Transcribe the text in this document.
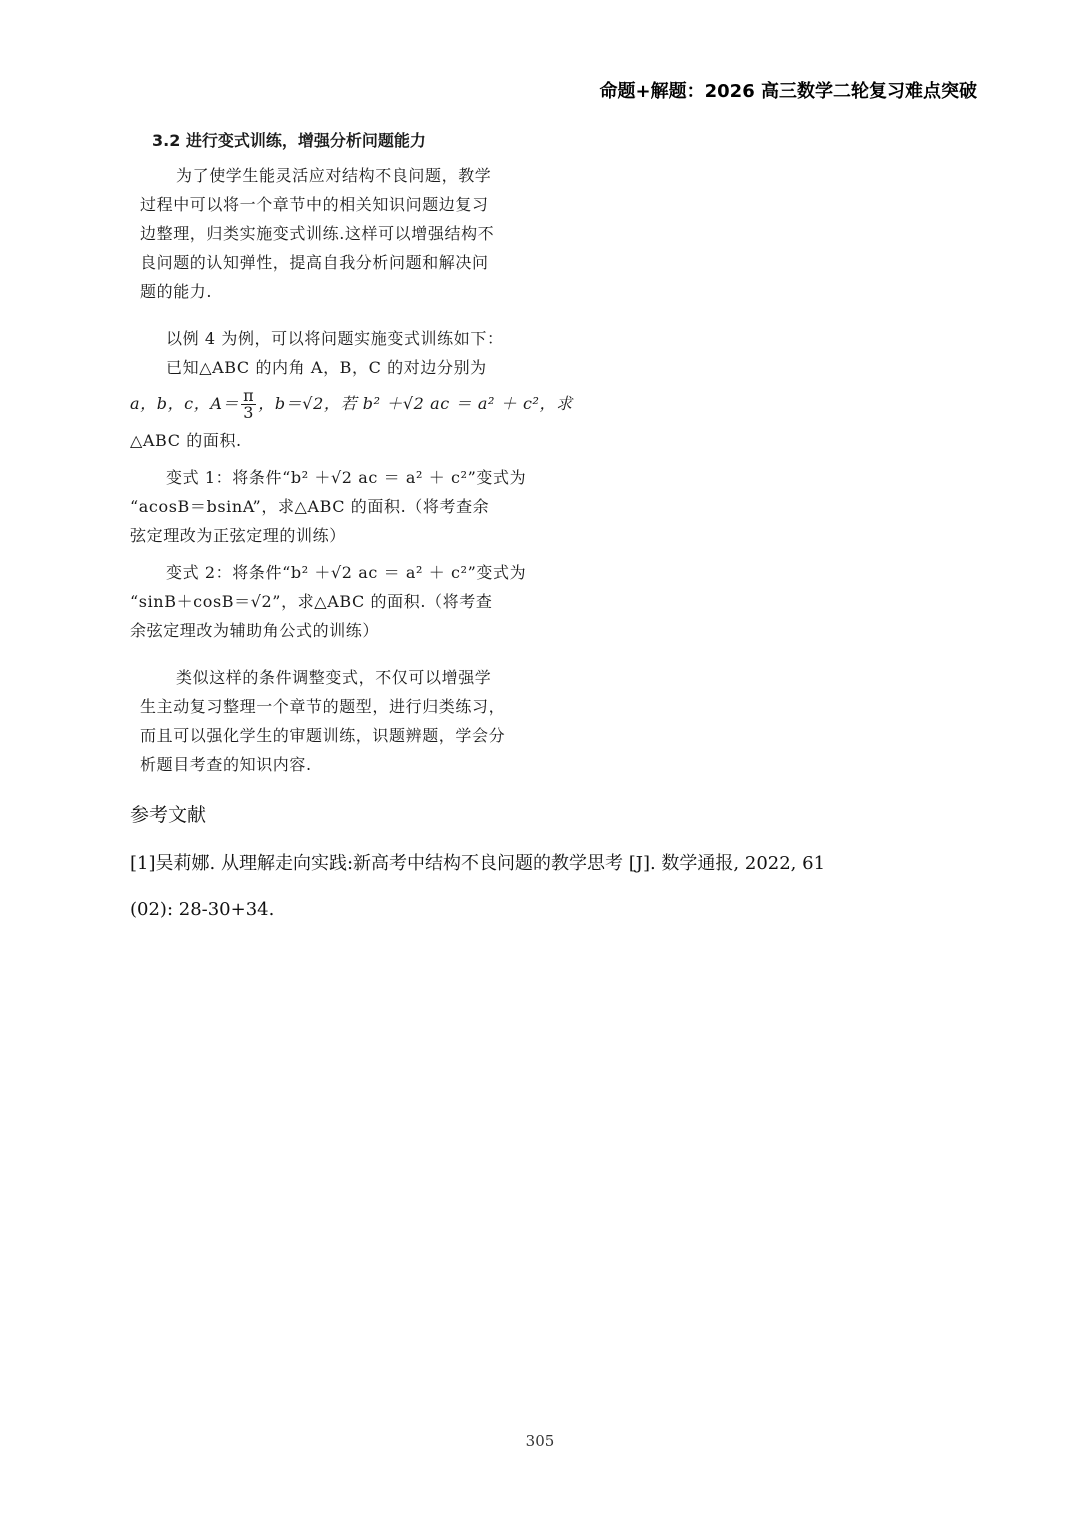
命题+解题：2026 高三数学二轮复习难点突破
3.2 进行变式训练，增强分析问题能力
为了使学生能灵活应对结构不良问题，教学
过程中可以将一个章节中的相关知识问题边复习
边整理，归类实施变式训练.这样可以增强结构不
良问题的认知弹性，提高自我分析问题和解决问
题的能力.
以例 4 为例，可以将问题实施变式训练如下：
已知△ABC 的内角 A，B，C 的对边分别为
a，b，c，$A= \frac{\pi}{3}$ ，b＝√2，若 b² ＋√2 ac ＝ a² ＋ c²，求
△ABC 的面积.
变式 1：将条件“b² ＋√2 ac ＝ a² ＋ c²”变式为
“acosB＝bsinA”，求△ABC 的面积.（将考查余
弦定理改为正弦定理的训练）
变式 2：将条件“b² ＋√2 ac ＝ a² ＋ c²”变式为
“sinB＋cosB＝√2”，求△ABC 的面积.（将考查
余弦定理改为辅助角公式的训练）
类似这样的条件调整变式，不仅可以增强学
生主动复习整理一个章节的题型，进行归类练习，
而且可以强化学生的审题训练，识题辨题，学会分
析题目考查的知识内容.
参考文献
[1]吴莉娜. 从理解走向实践:新高考中结构不良问题的教学思考 [J]. 数学通报, 2022, 61
(02): 28-30+34.
305
